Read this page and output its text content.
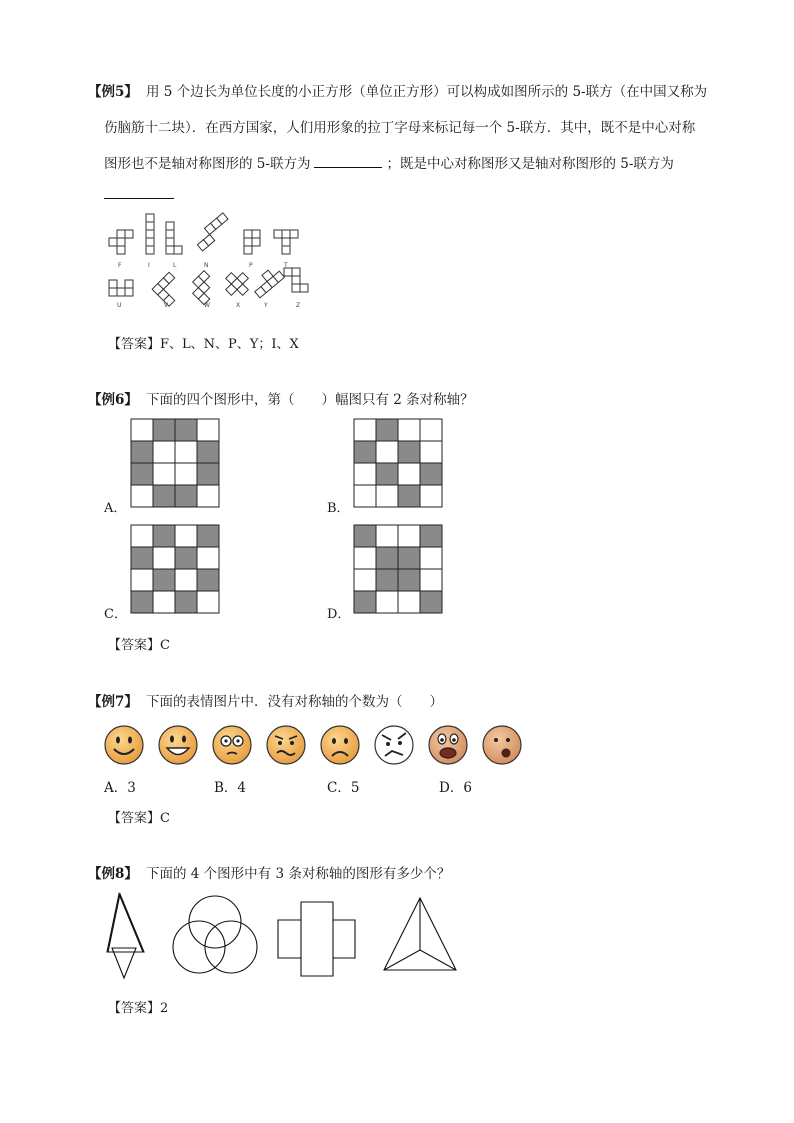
【例5】 用 5 个边长为单位长度的小正方形（单位正方形）可以构成如图所示的 5-联方（在中国又称为
伤脑筋十二块）．在西方国家，人们用形象的拉丁字母来标记每一个 5-联方．其中，既不是中心对称
图形也不是轴对称图形的 5-联方为	；既是中心对称图形又是轴对称图形的 5-联方为
F	I	L	N	P	T
U	V	W	X	Y	Z
【答案】F、L、N、P、Y；I、X
【例6】 下面的四个图形中，第（　　）幅图只有 2 条对称轴？
A．	B．
C．	D．
【答案】C
【例7】 下面的表情图片中．没有对称轴的个数为（　　）
A．3	B．4	C．5	D．6
【答案】C
【例8】 下面的 4 个图形中有 3 条对称轴的图形有多少个？
【答案】2
